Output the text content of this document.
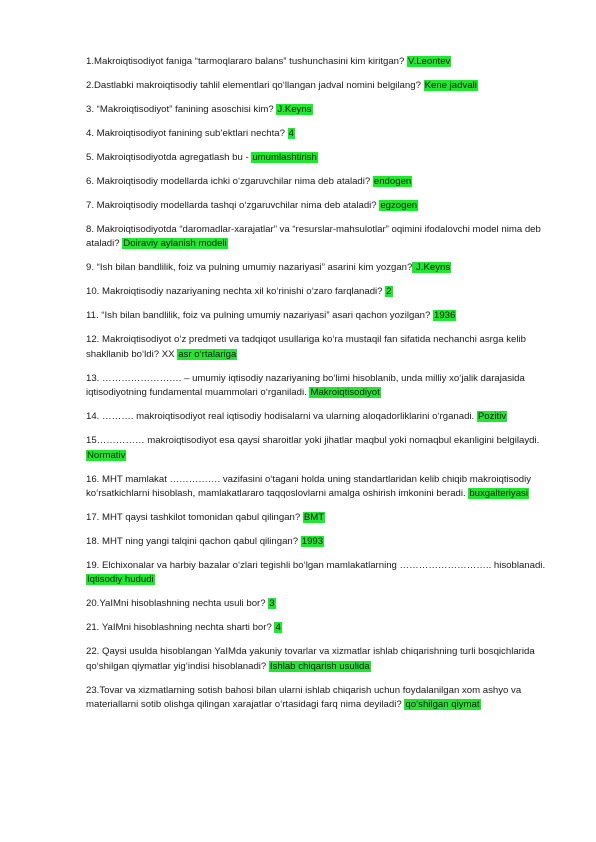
1.Makroiqtisodiyot faniga “tarmoqlararo balans” tushunchasini kim kiritgan? V.Leontev

2.Dastlabki makroiqtisodiy tahlil elementlari qo‘llangan jadval nomini belgilang? Kene jadvali

3. “Makroiqtisodiyot” fanining asoschisi kim? J.Keyns

4. Makroiqtisodiyot fanining sub’ektlari nechta? 4

5. Makroiqtisodiyotda agregatlash bu - umumlashtirish

6. Makroiqtisodiy modellarda ichki o‘zgaruvchilar nima deb ataladi? endogen

7. Makroiqtisodiy modellarda tashqi o‘zgaruvchilar nima deb ataladi? egzogen

8. Makroiqtisodiyotda “daromadlar-xarajatlar” va “resurslar-mahsulotlar” oqimini ifodalovchi model nima deb ataladi? Doiraviy aylanish modeli

9. “Ish bilan bandlilik, foiz va pulning umumiy nazariyasi” asarini kim yozgan? J.Keyns

10. Makroiqtisodiy nazariyaning nechta xil ko‘rinishi o‘zaro farqlanadi? 2

11. “Ish bilan bandlilik, foiz va pulning umumiy nazariyasi” asari qachon yozilgan? 1936

12. Makroiqtisodiyot o‘z predmeti va tadqiqot usullariga ko‘ra mustaqil fan sifatida nechanchi asrga kelib shakllanib bo‘ldi? XX asr o‘rtalariga

13. ……………………. – umumiy iqtisodiy nazariyaning bo‘limi hisoblanib, unda milliy xo‘jalik darajasida iqtisodiyotning fundamental muammolari o‘rganiladi. Makroiqtisodiyot

14. ………. makroiqtisodiyot real iqtisodiy hodisalarni va ularning aloqadorliklarini o‘rganadi. Pozitiv

15…………… makroiqtisodiyot esa qaysi sharoitlar yoki jihatlar maqbul yoki nomaqbul ekanligini belgilaydi. Normativ

16. MHT mamlakat ……………. vazifasini o‘tagani holda uning standartlaridan kelib chiqib makroiqtisodiy ko‘rsatkichlarni hisoblash, mamlakatlararo taqqoslovlarni amalga oshirish imkonini beradi. buxgalteriyasi

17. MHT qaysi tashkilot tomonidan qabul qilingan? BMT

18. MHT ning yangi talqini qachon qabul qilingan? 1993

19. Elchixonalar va harbiy bazalar o‘zlari tegishli bo‘lgan mamlakatlarning ……………………….. hisoblanadi. Iqtisodiy hududi

20.YaIMni hisoblashning nechta usuli bor? 3

21. YaIMni hisoblashning nechta sharti bor? 4

22. Qaysi usulda hisoblangan YaIMda yakuniy tovarlar va xizmatlar ishlab chiqarishning turli bosqichlarida qo‘shilgan qiymatlar yig‘indisi hisoblanadi? Ishlab chiqarish usulida

23.Tovar va xizmatlarning sotish bahosi bilan ularni ishlab chiqarish uchun foydalanilgan xom ashyo va materiallarni sotib olishga qilingan xarajatlar o‘rtasidagi farq nima deyiladi? qo‘shilgan qiymat
